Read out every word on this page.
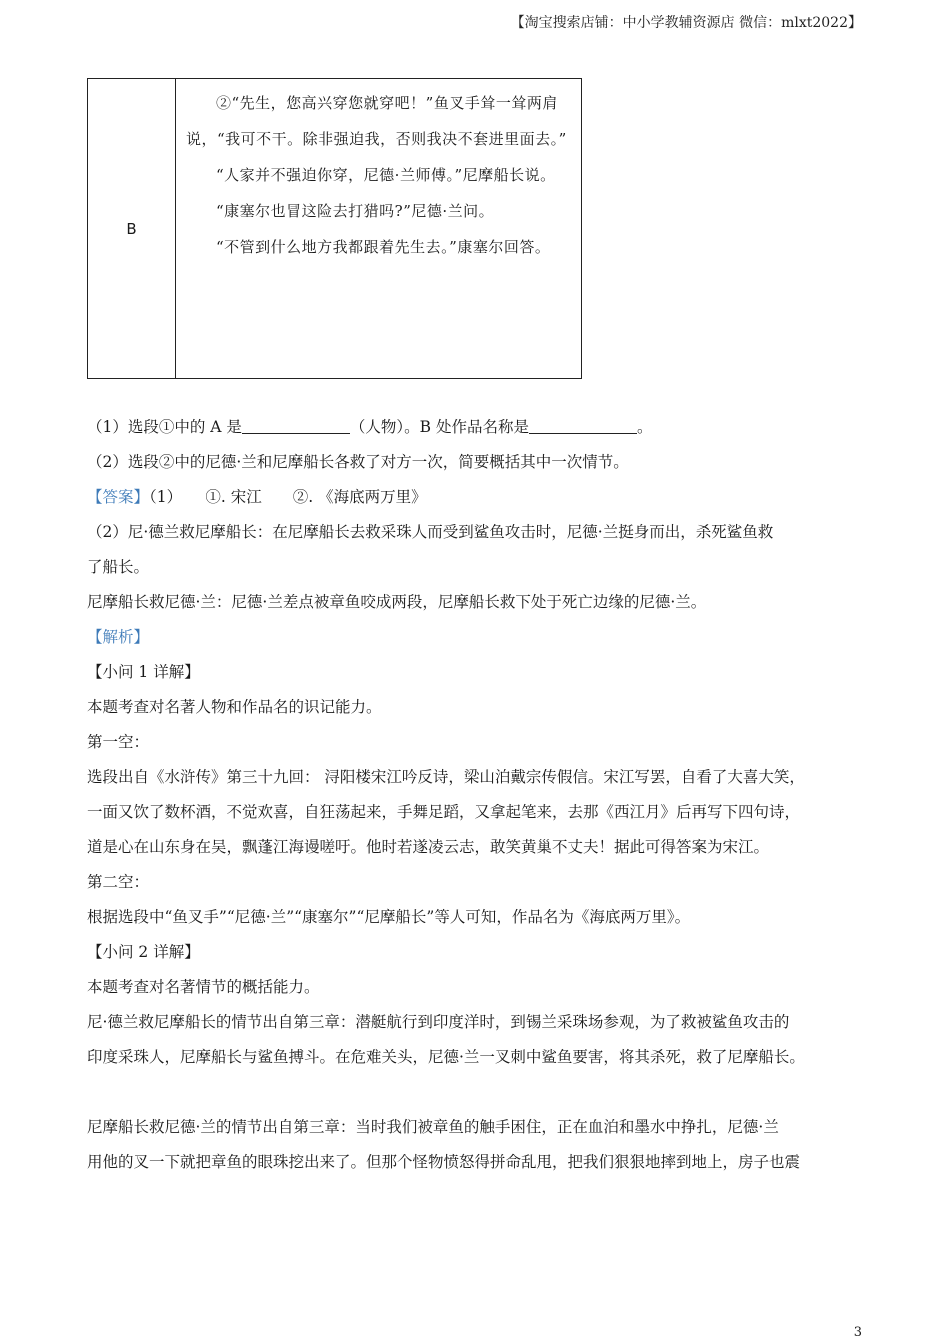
【淘宝搜索店铺：中小学教辅资源店 微信：mlxt2022】
B

②“先生，您高兴穿您就穿吧！”鱼叉手耸一耸两肩说，“我可不干。除非强迫我，否则我决不套进里面去。”

“人家并不强迫你穿，尼德·兰师傅。”尼摩船长说。

“康塞尔也冒这险去打猎吗?”尼德·兰问。

“不管到什么地方我都跟着先生去。”康塞尔回答。

（1）选段①中的 A 是	（人物）。B 处作品名称是	。

（2）选段②中的尼德·兰和尼摩船长各救了对方一次，简要概括其中一次情节。

【答案】（1）　　①. 宋江　　②. 《海底两万里》

（2）尼·德兰救尼摩船长：在尼摩船长去救采珠人而受到鲨鱼攻击时，尼德·兰挺身而出，杀死鲨鱼救

了船长。

尼摩船长救尼德·兰：尼德·兰差点被章鱼咬成两段，尼摩船长救下处于死亡边缘的尼德·兰。

【解析】

【小问 1 详解】

本题考查对名著人物和作品名的识记能力。

第一空：

选段出自《水浒传》第三十九回： 浔阳楼宋江吟反诗，梁山泊戴宗传假信。宋江写罢，自看了大喜大笑，

一面又饮了数杯酒，不觉欢喜，自狂荡起来，手舞足蹈，又拿起笔来，去那《西江月》后再写下四句诗，

道是心在山东身在吴，飘蓬江海谩嗟吁。他时若遂凌云志，敢笑黄巢不丈夫！据此可得答案为宋江。

第二空：

根据选段中“鱼叉手”“尼德·兰”“康塞尔”“尼摩船长”等人可知，作品名为《海底两万里》。

【小问 2 详解】

本题考查对名著情节的概括能力。

尼·德兰救尼摩船长的情节出自第三章：潜艇航行到印度洋时，到锡兰采珠场参观，为了救被鲨鱼攻击的

印度采珠人，尼摩船长与鲨鱼搏斗。在危难关头，尼德·兰一叉刺中鲨鱼要害，将其杀死，救了尼摩船长。

尼摩船长救尼德·兰的情节出自第三章：当时我们被章鱼的触手困住，正在血泊和墨水中挣扎，尼德·兰

用他的叉一下就把章鱼的眼珠挖出来了。但那个怪物愤怒得拼命乱甩，把我们狠狠地摔到地上，房子也震

3
